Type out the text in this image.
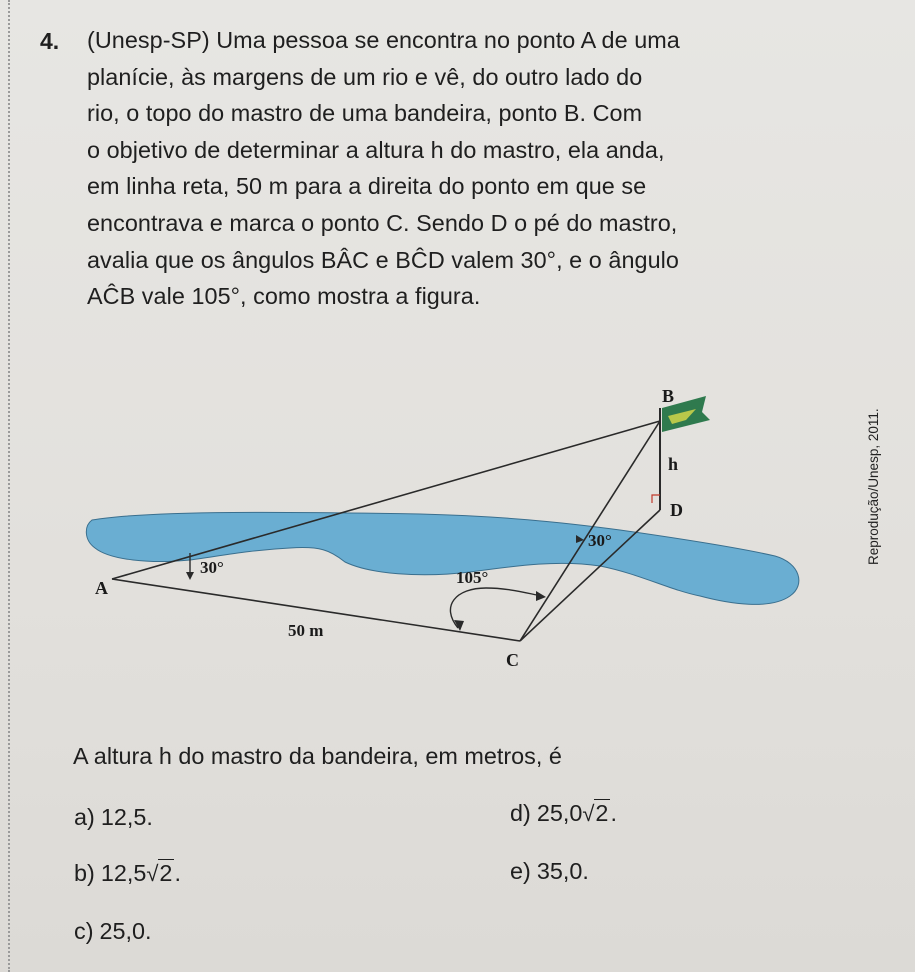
4. (Unesp-SP) Uma pessoa se encontra no ponto A de uma
planície, às margens de um rio e vê, do outro lado do
rio, o topo do mastro de uma bandeira, ponto B. Com
o objetivo de determinar a altura h do mastro, ela anda,
em linha reta, 50 m para a direita do ponto em que se
encontrava e marca o ponto C. Sendo D o pé do mastro,
avalia que os ângulos BÂC e BĈD valem 30°, e o ângulo
AĈB vale 105°, como mostra a figura.
B
h
D
30°
30°
A
105°
50 m
C
Reprodução/Unesp, 2011.
A altura h do mastro da bandeira, em metros, é
a) 12,5.
b) 12,5√2.
c) 25,0.
d) 25,0√2.
e) 35,0.
